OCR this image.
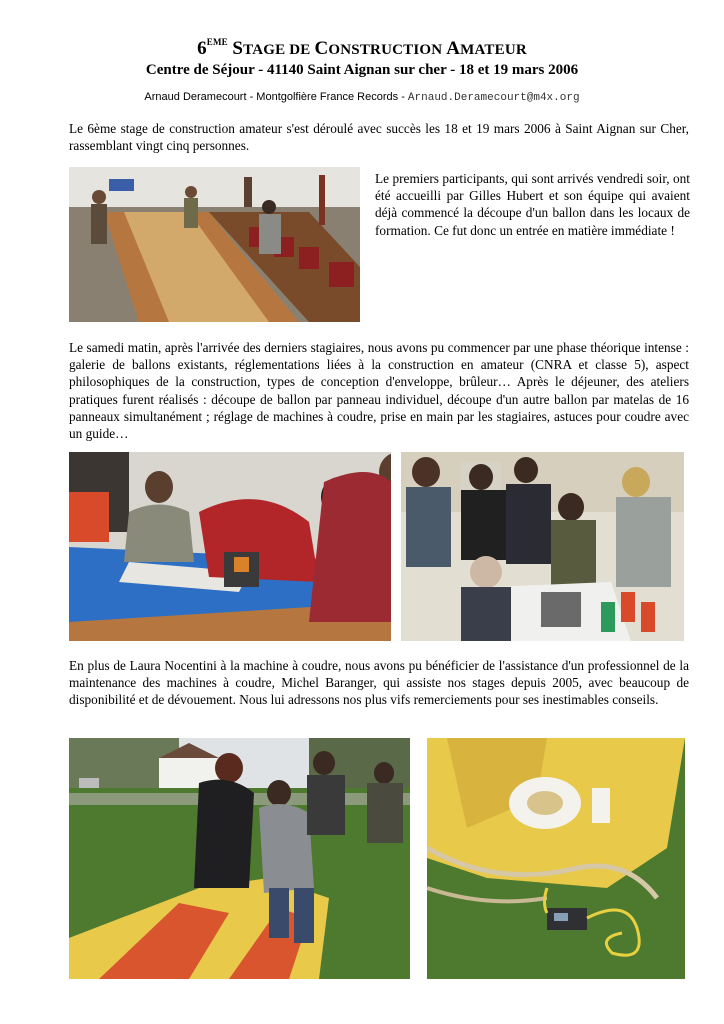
6EME STAGE DE CONSTRUCTION AMATEUR
Centre de Séjour - 41140 Saint Aignan sur cher - 18 et 19 mars 2006
Arnaud Deramecourt - Montgolfière France Records - Arnaud.Deramecourt@m4x.org
Le 6ème stage de construction amateur s'est déroulé avec succès les 18 et 19 mars 2006 à Saint Aignan sur Cher, rassemblant vingt cinq personnes.
Le premiers participants, qui sont arrivés vendredi soir, ont été accueilli par Gilles Hubert et son équipe qui avaient déjà commencé la découpe d'un ballon dans les locaux de formation. Ce fut donc un entrée en matière immédiate !
Le samedi matin, après l'arrivée des derniers stagiaires, nous avons pu commencer par une phase théorique intense : galerie de ballons existants, réglementations liées à la construction en amateur (CNRA et classe 5), aspect philosophiques de la construction, types de conception d'enveloppe, brûleur… Après le déjeuner, des ateliers pratiques furent réalisés : découpe de ballon par panneau individuel, découpe d'un autre ballon par matelas de 16 panneaux simultanément ; réglage de machines à coudre, prise en main par les stagiaires, astuces pour coudre avec un guide…
En plus de Laura Nocentini à la machine à coudre, nous avons pu bénéficier de l'assistance d'un professionnel de la maintenance des machines à coudre, Michel Baranger, qui assiste nos stages depuis 2005, avec beaucoup de disponibilité et de dévouement. Nous lui adressons nos plus vifs remerciements pour ses inestimables conseils.
